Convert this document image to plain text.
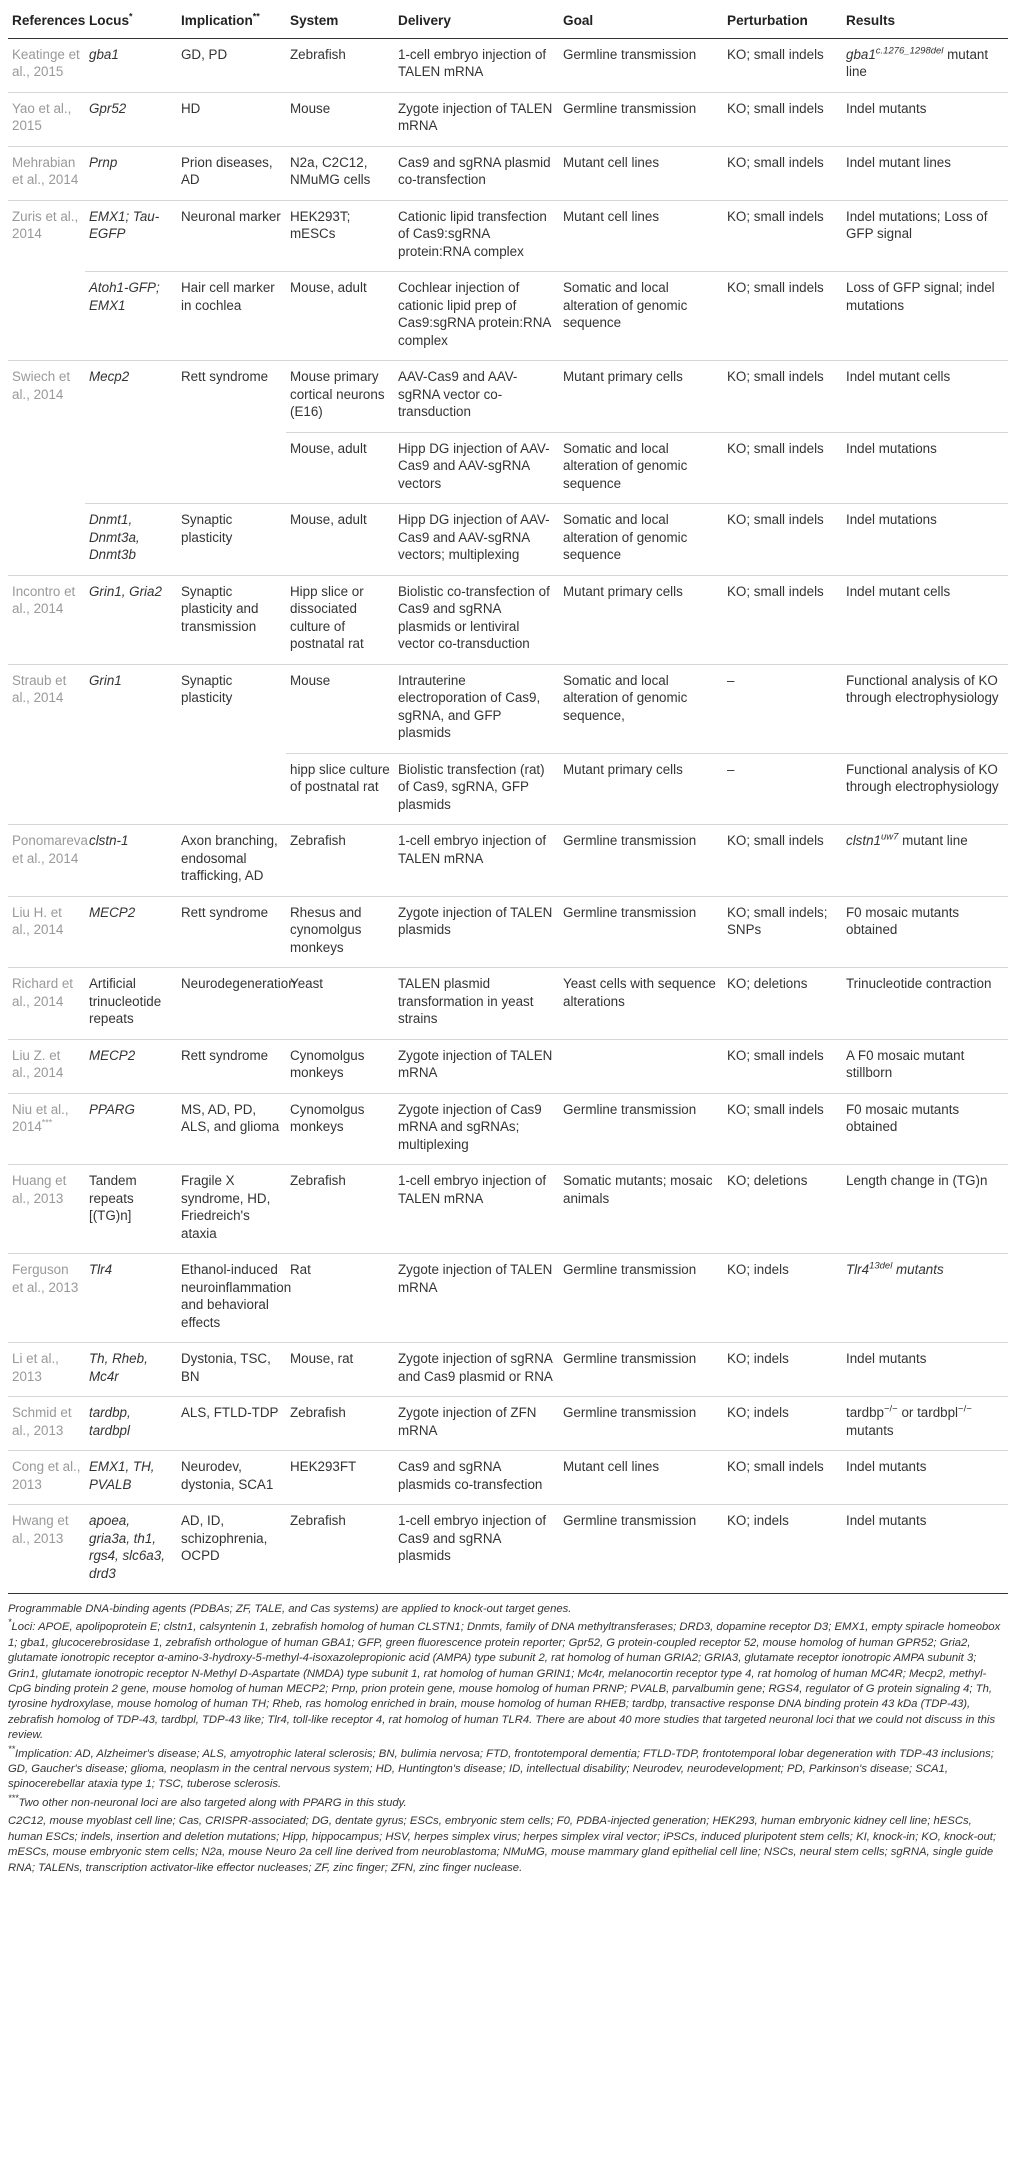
References	Locus*	Implication**	System	Delivery	Goal	Perturbation	Results
Keatinge et al., 2015	gba1	GD, PD	Zebrafish	1-cell embryo injection of TALEN mRNA	Germline transmission	KO; small indels	$gba1^{c.1276\_1298del}$ mutant line
Yao et al., 2015	Gpr52	HD	Mouse	Zygote injection of TALEN mRNA	Germline transmission	KO; small indels	Indel mutants
Mehrabian et al., 2014	Prnp	Prion diseases, AD	N2a, C2C12, NMuMG cells	Cas9 and sgRNA plasmid co-transfection	Mutant cell lines	KO; small indels	Indel mutant lines
Zuris et al., 2014	EMX1; Tau-EGFP	Neuronal marker	HEK293T; mESCs	Cationic lipid transfection of Cas9:sgRNA protein:RNA complex	Mutant cell lines	KO; small indels	Indel mutations; Loss of GFP signal
	Atoh1-GFP; EMX1	Hair cell marker in cochlea	Mouse, adult	Cochlear injection of cationic lipid prep of Cas9:sgRNA protein:RNA complex	Somatic and local alteration of genomic sequence	KO; small indels	Loss of GFP signal; indel mutations
Swiech et al., 2014	Mecp2	Rett syndrome	Mouse primary cortical neurons (E16)	AAV-Cas9 and AAV-sgRNA vector co-transduction	Mutant primary cells	KO; small indels	Indel mutant cells
			Mouse, adult	Hipp DG injection of AAV-Cas9 and AAV-sgRNA vectors	Somatic and local alteration of genomic sequence	KO; small indels	Indel mutations
	Dnmt1, Dnmt3a, Dnmt3b	Synaptic plasticity	Mouse, adult	Hipp DG injection of AAV-Cas9 and AAV-sgRNA vectors; multiplexing	Somatic and local alteration of genomic sequence	KO; small indels	Indel mutations
Incontro et al., 2014	Grin1, Gria2	Synaptic plasticity and transmission	Hipp slice or dissociated culture of postnatal rat	Biolistic co-transfection of Cas9 and sgRNA plasmids or lentiviral vector co-transduction	Mutant primary cells	KO; small indels	Indel mutant cells
Straub et al., 2014	Grin1	Synaptic plasticity	Mouse	Intrauterine electroporation of Cas9, sgRNA, and GFP plasmids	Somatic and local alteration of genomic sequence,	–	Functional analysis of KO through electrophysiology
			hipp slice culture of postnatal rat	Biolistic transfection (rat) of Cas9, sgRNA, GFP plasmids	Mutant primary cells	–	Functional analysis of KO through electrophysiology
Ponomareva et al., 2014	clstn-1	Axon branching, endosomal trafficking, AD	Zebrafish	1-cell embryo injection of TALEN mRNA	Germline transmission	KO; small indels	$clstn1^{uw7}$ mutant line
Liu H. et al., 2014	MECP2	Rett syndrome	Rhesus and cynomolgus monkeys	Zygote injection of TALEN plasmids	Germline transmission	KO; small indels; SNPs	F0 mosaic mutants obtained
Richard et al., 2014	Artificial trinucleotide repeats	Neurodegeneration	Yeast	TALEN plasmid transformation in yeast strains	Yeast cells with sequence alterations	KO; deletions	Trinucleotide contraction
Liu Z. et al., 2014	MECP2	Rett syndrome	Cynomolgus monkeys	Zygote injection of TALEN mRNA		KO; small indels	A F0 mosaic mutant stillborn
Niu et al., 2014***	PPARG	MS, AD, PD, ALS, and glioma	Cynomolgus monkeys	Zygote injection of Cas9 mRNA and sgRNAs; multiplexing	Germline transmission	KO; small indels	F0 mosaic mutants obtained
Huang et al., 2013	Tandem repeats [(TG)n]	Fragile X syndrome, HD, Friedreich's ataxia	Zebrafish	1-cell embryo injection of TALEN mRNA	Somatic mutants; mosaic animals	KO; deletions	Length change in (TG)n
Ferguson et al., 2013	Tlr4	Ethanol-induced neuroinflammation and behavioral effects	Rat	Zygote injection of TALEN mRNA	Germline transmission	KO; indels	$Tlr4^{13del}$ mutants
Li et al., 2013	Th, Rheb, Mc4r	Dystonia, TSC, BN	Mouse, rat	Zygote injection of sgRNA and Cas9 plasmid or RNA	Germline transmission	KO; indels	Indel mutants
Schmid et al., 2013	tardbp, tardbpl	ALS, FTLD-TDP	Zebrafish	Zygote injection of ZFN mRNA	Germline transmission	KO; indels	tardbp−/− or tardbpl−/− mutants
Cong et al., 2013	EMX1, TH, PVALB	Neurodev, dystonia, SCA1	HEK293FT	Cas9 and sgRNA plasmids co-transfection	Mutant cell lines	KO; small indels	Indel mutants
Hwang et al., 2013	apoea, gria3a, th1, rgs4, slc6a3, drd3	AD, ID, schizophrenia, OCPD	Zebrafish	1-cell embryo injection of Cas9 and sgRNA plasmids	Germline transmission	KO; indels	Indel mutants

Programmable DNA-binding agents (PDBAs; ZF, TALE, and Cas systems) are applied to knock-out target genes.

*Loci: APOE, apolipoprotein E; clstn1, calsyntenin 1, zebrafish homolog of human CLSTN1; Dnmts, family of DNA methyltransferases; DRD3, dopamine receptor D3; EMX1, empty spiracle homeobox 1; gba1, glucocerebrosidase 1, zebrafish orthologue of human GBA1; GFP, green fluorescence protein reporter; Gpr52, G protein-coupled receptor 52, mouse homolog of human GPR52; Gria2, glutamate ionotropic receptor α-amino-3-hydroxy-5-methyl-4-isoxazolepropionic acid (AMPA) type subunit 2, rat homolog of human GRIA2; GRIA3, glutamate receptor ionotropic AMPA subunit 3; Grin1, glutamate ionotropic receptor N-Methyl D-Aspartate (NMDA) type subunit 1, rat homolog of human GRIN1; Mc4r, melanocortin receptor type 4, rat homolog of human MC4R; Mecp2, methyl-CpG binding protein 2 gene, mouse homolog of human MECP2; Prnp, prion protein gene, mouse homolog of human PRNP; PVALB, parvalbumin gene; RGS4, regulator of G protein signaling 4; Th, tyrosine hydroxylase, mouse homolog of human TH; Rheb, ras homolog enriched in brain, mouse homolog of human RHEB; tardbp, transactive response DNA binding protein 43 kDa (TDP-43), zebrafish homolog of TDP-43, tardbpl, TDP-43 like; Tlr4, toll-like receptor 4, rat homolog of human TLR4. There are about 40 more studies that targeted neuronal loci that we could not discuss in this review.

**Implication: AD, Alzheimer's disease; ALS, amyotrophic lateral sclerosis; BN, bulimia nervosa; FTD, frontotemporal dementia; FTLD-TDP, frontotemporal lobar degeneration with TDP-43 inclusions; GD, Gaucher's disease; glioma, neoplasm in the central nervous system; HD, Huntington's disease; ID, intellectual disability; Neurodev, neurodevelopment; PD, Parkinson's disease; SCA1, spinocerebellar ataxia type 1; TSC, tuberose sclerosis.

***Two other non-neuronal loci are also targeted along with PPARG in this study.

C2C12, mouse myoblast cell line; Cas, CRISPR-associated; DG, dentate gyrus; ESCs, embryonic stem cells; F0, PDBA-injected generation; HEK293, human embryonic kidney cell line; hESCs, human ESCs; indels, insertion and deletion mutations; Hipp, hippocampus; HSV, herpes simplex virus; herpes simplex viral vector; iPSCs, induced pluripotent stem cells; KI, knock-in; KO, knock-out; mESCs, mouse embryonic stem cells; N2a, mouse Neuro 2a cell line derived from neuroblastoma; NMuMG, mouse mammary gland epithelial cell line; NSCs, neural stem cells; sgRNA, single guide RNA; TALENs, transcription activator-like effector nucleases; ZF, zinc finger; ZFN, zinc finger nuclease.
